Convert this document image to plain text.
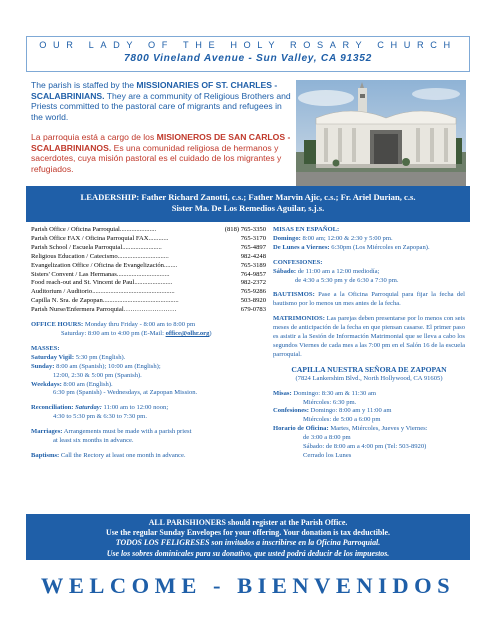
OUR LADY OF THE HOLY ROSARY CHURCH
7800 Vineland Avenue - Sun Valley, CA 91352
The parish is staffed by the MISSIONARIES OF ST. CHARLES - SCALABRINIANS. They are a community of Religious Brothers and Priests committed to the pastoral care of migrants and refugees in the world.
La parroquia está a cargo de los MISIONEROS DE SAN CARLOS - SCALABRINIANOS. Es una comunidad religiosa de hermanos y sacerdotes, cuya misión pastoral es el cuidado de los migrantes y refugiados.
LEADERSHIP: Father Richard Zanotti, c.s.; Father Marvin Ajic, c.s.; Fr. Ariel Durian, c.s.
Sister Ma. De Los Remedios Aguilar, s.j.s.
Parish Office / Oficina Parroquial ......................	(818) 765-3350
Parish Office FAX / Oficina Parroquial FAX ............	765-3170
Parish School / Escuela Parroquial ........................	765-4897
Religious Education / Catecismo ...............................	982-4248
Evangelization Office / Oficina de Evangelización ........	765-3189
Sisters' Convent / Las Hermanas ................................	764-9857
Food reach-out and St. Vincent de Paul .......................	982-2372
Auditorium / Auditorio ..................................................	765-9286
Capilla N. Sra. de Zapopan ..............................................	503-8920
Parish Nurse/Enfermera Parroquial ……………………	679-0783
OFFICE HOURS: Monday thru Friday - 8:00 am to 8:00 pm
Saturday: 8:00 am to 4:00 pm (E-Mail: office@olhr.org)
MASSES:
Saturday Vigil: 5:30 pm (English).
Sunday: 8:00 am (Spanish); 10:00 am (English);
12:00, 2:30 & 5:00 pm (Spanish).
Weekdays: 8:00 am (English).
6:30 pm (Spanish) - Wednesdays, at Zapopan Mission.
Reconciliation: Saturday: 11:00 am to 12:00 noon;
4:30 to 5:30 pm & 6:30 to 7:30 pm.
Marriages: Arrangements must be made with a parish priest
at least six months in advance.
Baptisms: Call the Rectory at least one month in advance.
MISAS EN ESPAÑOL:
Domingo: 8:00 am; 12:00 & 2:30 y 5:00 pm.
De Lunes a Viernes: 6:30pm (Los Miércoles en Zapopan).
CONFESIONES:
Sábado: de 11:00 am a 12:00 mediodía;
de 4:30 a 5:30 pm y de 6:30 a 7:30 pm.
BAUTISMOS: Pase a la Oficina Parroquial para fijar la fecha del bautismo por lo menos un mes antes de la fecha.
MATRIMONIOS: Las parejas deben presentarse por lo menos con seis meses de anticipación de la fecha en que piensan casarse. El primer paso es asistir a la Sesión de Información Matrimonial que se lleva a cabo los segundos Viernes de cada mes a las 7:00 pm en el Salón 16 de la escuela parroquial.
CAPILLA NUESTRA SEÑORA DE ZAPOPAN
(7824 Lankershim Blvd., North Hollywood, CA 91605)
Misas: Domingo: 8:30 am & 11:30 am
Miércoles: 6:30 pm.
Confesiones: Domingo: 8:00 am y 11:00 am
Miércoles: de 5:00 a 6:00 pm
Horario de Oficina: Martes, Miércoles, Jueves y Viernes:
de 3:00 a 8:00 pm
Sábado: de 8:00 am a 4:00 pm (Tel: 503-8920)
Cerrado los Lunes
ALL PARISHIONERS should register at the Parish Office.
Use the regular Sunday Envelopes for your offering. Your donation is tax deductible.
TODOS LOS FELIGRESES son invitados a inscribirse en la Oficina Parroquial.
Use los sobres dominicales para su donativo, que usted podrá deducir de los impuestos.
WELCOME - BIENVENIDOS
